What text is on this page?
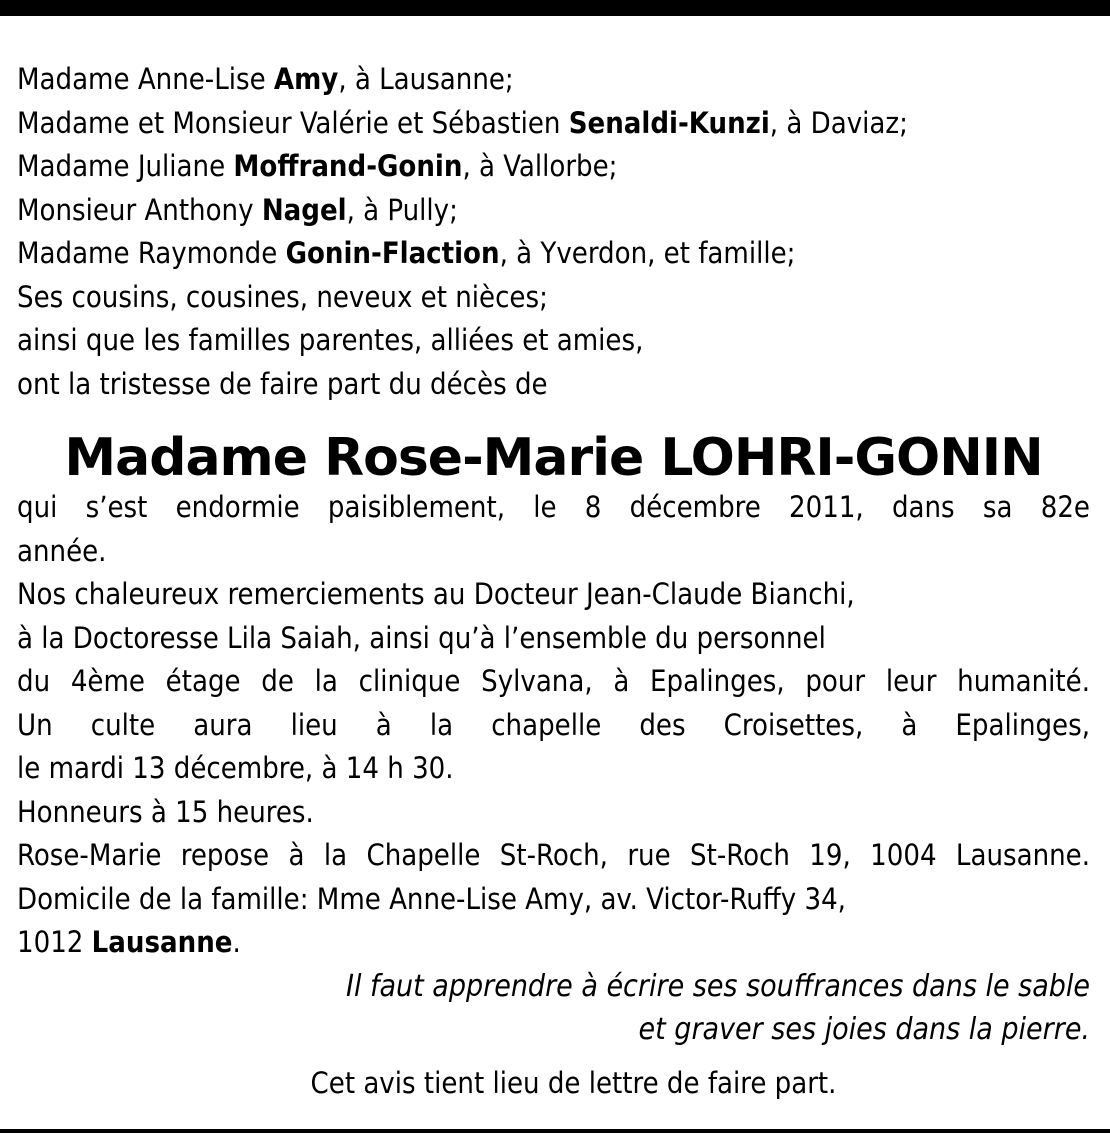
Madame Anne-Lise Amy, à Lausanne;
Madame et Monsieur Valérie et Sébastien Senaldi-Kunzi, à Daviaz;
Madame Juliane Moffrand-Gonin, à Vallorbe;
Monsieur Anthony Nagel, à Pully;
Madame Raymonde Gonin-Flaction, à Yverdon, et famille;
Ses cousins, cousines, neveux et nièces;
ainsi que les familles parentes, alliées et amies,
ont la tristesse de faire part du décès de
Madame Rose-Marie LOHRI-GONIN
qui s’est endormie paisiblement, le 8 décembre 2011, dans sa 82e
année.
Nos chaleureux remerciements au Docteur Jean-Claude Bianchi,
à la Doctoresse Lila Saiah, ainsi qu’à l’ensemble du personnel
du 4ème étage de la clinique Sylvana, à Epalinges, pour leur humanité.
Un culte aura lieu à la chapelle des Croisettes, à Epalinges,
le mardi 13 décembre, à 14 h 30.
Honneurs à 15 heures.
Rose-Marie repose à la Chapelle St-Roch, rue St-Roch 19, 1004 Lausanne.
Domicile de la famille: Mme Anne-Lise Amy, av. Victor-Ruffy 34,
1012 Lausanne.
Il faut apprendre à écrire ses souffrances dans le sable
et graver ses joies dans la pierre.
Cet avis tient lieu de lettre de faire part.
